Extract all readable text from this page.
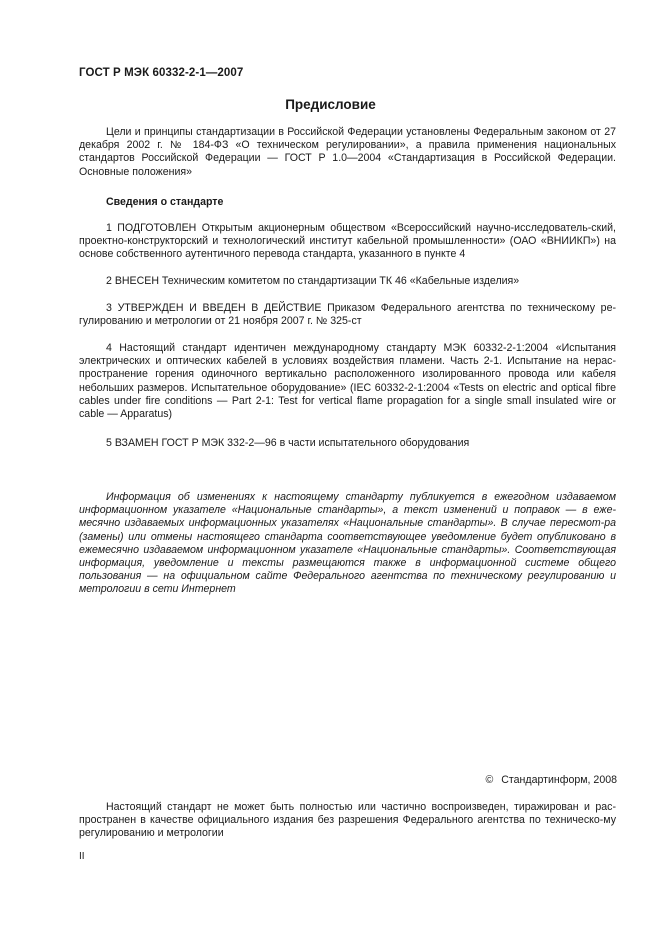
ГОСТ Р МЭК 60332-2-1—2007
Предисловие
Цели и принципы стандартизации в Российской Федерации установлены Федеральным законом от 27 декабря 2002 г. № 184-ФЗ «О техническом регулировании», а правила применения национальных стандартов Российской Федерации — ГОСТ Р 1.0—2004 «Стандартизация в Российской Федерации. Основные положения»
Сведения о стандарте
1 ПОДГОТОВЛЕН Открытым акционерным обществом «Всероссийский научно-исследователь-ский, проектно-конструкторский и технологический институт кабельной промышленности» (ОАО «ВНИИКП») на основе собственного аутентичного перевода стандарта, указанного в пункте 4
2 ВНЕСЕН Техническим комитетом по стандартизации ТК 46 «Кабельные изделия»
3 УТВЕРЖДЕН И ВВЕДЕН В ДЕЙСТВИЕ Приказом Федерального агентства по техническому ре-гулированию и метрологии от 21 ноября 2007 г. № 325-ст
4 Настоящий стандарт идентичен международному стандарту МЭК 60332-2-1:2004 «Испытания электрических и оптических кабелей в условиях воздействия пламени. Часть 2-1. Испытание на нерас-пространение горения одиночного вертикально расположенного изолированного провода или кабеля небольших размеров. Испытательное оборудование» (IEC 60332-2-1:2004 «Tests on electric and optical fibre cables under fire conditions — Part 2-1: Test for vertical flame propagation for a single small insulated wire or cable — Apparatus)
5 ВЗАМЕН ГОСТ Р МЭК 332-2—96 в части испытательного оборудования
Информация об изменениях к настоящему стандарту публикуется в ежегодном издаваемом информационном указателе «Национальные стандарты», а текст изменений и поправок — в еже-месячно издаваемых информационных указателях «Национальные стандарты». В случае пересмот-ра (замены) или отмены настоящего стандарта соответствующее уведомление будет опубликовано в ежемесячно издаваемом информационном указателе «Национальные стандарты». Соответствующая информация, уведомление и тексты размещаются также в информационной системе общего пользования — на официальном сайте Федерального агентства по техническому регулированию и метрологии в сети Интернет
© Стандартинформ, 2008
Настоящий стандарт не может быть полностью или частично воспроизведен, тиражирован и рас-пространен в качестве официального издания без разрешения Федерального агентства по техническо-му регулированию и метрологии
II
